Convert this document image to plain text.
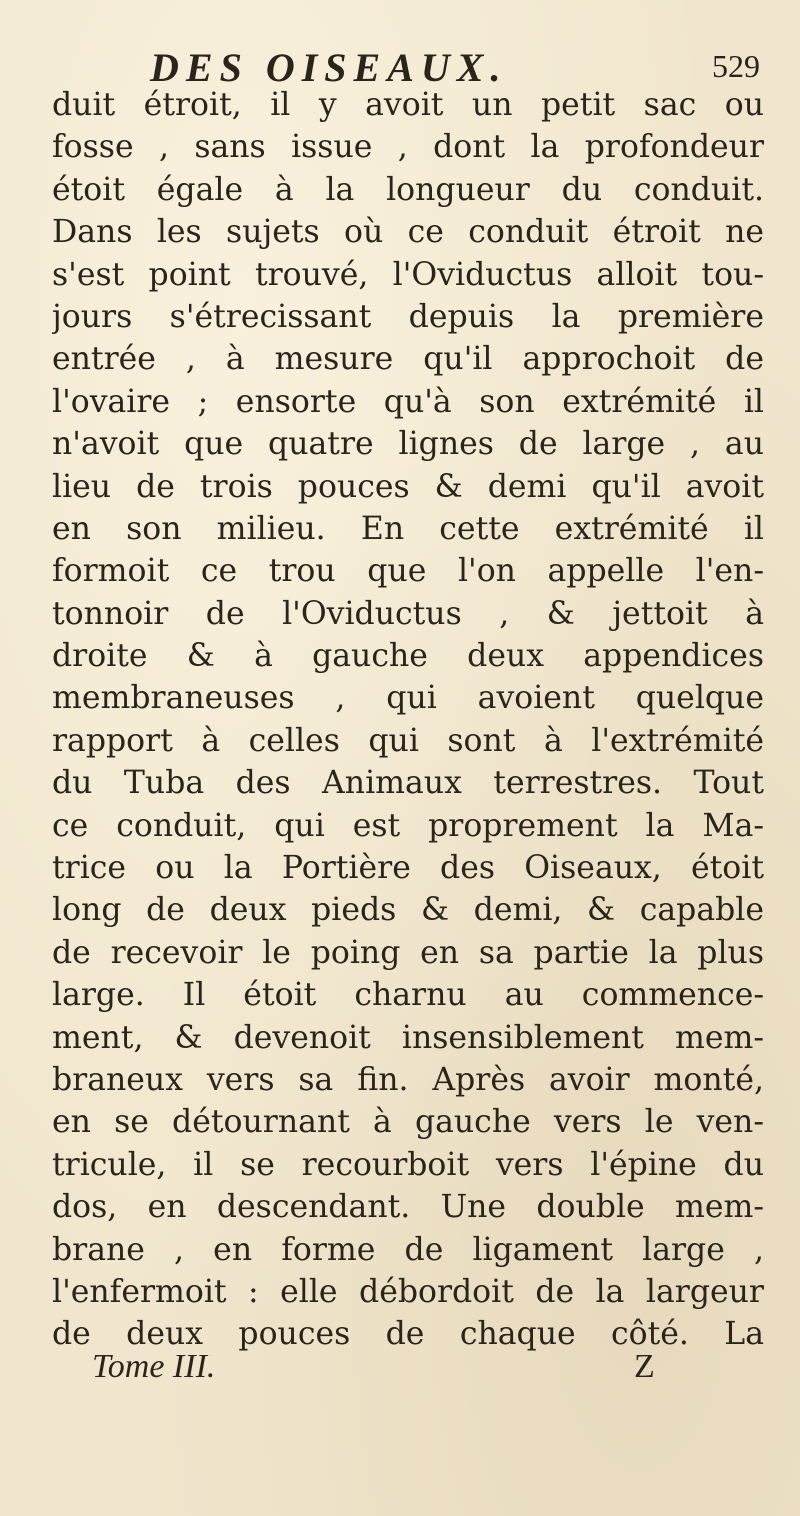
DES OISEAUX.	529
duit étroit, il y avoit un petit sac ou
fosse , sans issue , dont la profondeur
étoit égale à la longueur du conduit.
Dans les sujets où ce conduit étroit ne
s'est point trouvé, l'Oviductus alloit tou-
jours s'étrecissant depuis la première
entrée , à mesure qu'il approchoit de
l'ovaire ; ensorte qu'à son extrémité il
n'avoit que quatre lignes de large , au
lieu de trois pouces & demi qu'il avoit
en son milieu. En cette extrémité il
formoit ce trou que l'on appelle l'en-
tonnoir de l'Oviductus , & jettoit à
droite & à gauche deux appendices
membraneuses , qui avoient quelque
rapport à celles qui sont à l'extrémité
du Tuba des Animaux terrestres. Tout
ce conduit, qui est proprement la Ma-
trice ou la Portière des Oiseaux, étoit
long de deux pieds & demi, & capable
de recevoir le poing en sa partie la plus
large. Il étoit charnu au commence-
ment, & devenoit insensiblement mem-
braneux vers sa fin. Après avoir monté,
en se détournant à gauche vers le ven-
tricule, il se recourboit vers l'épine du
dos, en descendant. Une double mem-
brane , en forme de ligament large ,
l'enfermoit : elle débordoit de la largeur
de deux pouces de chaque côté. La
Tome III.	Z
